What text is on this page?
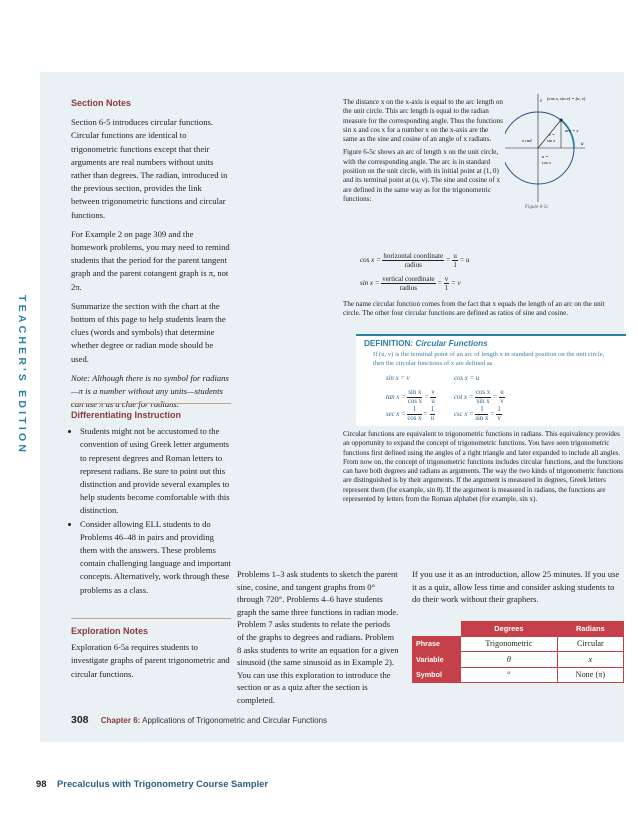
TEACHER'S EDITION
Section Notes

Section 6-5 introduces circular functions. Circular functions are identical to trigonometric functions except that their arguments are real numbers without units rather than degrees. The radian, introduced in the previous section, provides the link between trigonometric functions and circular functions.

For Example 2 on page 309 and the homework problems, you may need to remind students that the period for the parent tangent graph and the parent cotangent graph is π, not 2π.

Summarize the section with the chart at the bottom of this page to help students learn the clues (words and symbols) that determine whether degree or radian mode should be used.

Note: Although there is no symbol for radians—π is a number without any units—students can use π as a clue for radians.

Differentiating Instruction
• Students might not be accustomed to the convention of using Greek letter arguments to represent degrees and Roman letters to represent radians. Be sure to point out this distinction and provide several examples to help students become comfortable with this distinction.
• Consider allowing ELL students to do Problems 46–48 in pairs and providing them with the answers. These problems contain challenging language and important concepts. Alternatively, work through these problems as a class.
Exploration Notes

Exploration 6-5a requires students to investigate graphs of parent trigonometric and circular functions.

The distance x on the x-axis is equal to the arc length on the unit circle. This arc length is equal to the radian measure for the corresponding angle. Thus the functions sin x and cos x for a number x on the x-axis are the same as the sine and cosine of an angle of x radians.

Figure 6-5c shows an arc of length x on the unit circle, with the corresponding angle. The arc is in standard position on the unit circle, with its initial point at (1, 0) and its terminal point at (u, v). The sine and cosine of x are defined in the same way as for the trigonometric functions:

v
u
(cos x, sin x) = (u, v)
arc = x
x rad
v =
sin x
u =
cos x
Figure 6-5c
$\cos x = \frac{\text{horizontal coordinate}}{\text{radius}} = \frac{u}{1} = u$
$\sin x = \frac{\text{vertical coordinate}}{\text{radius}} = \frac{v}{1} = v$
The name circular function comes from the fact that x equals the length of an arc on the unit circle. The other four circular functions are defined as ratios of sine and cosine.
DEFINITION: Circular Functions
If (u, v) is the terminal point of an arc of length x in standard position on the unit circle, then the circular functions of x are defined as
sin x = v	cos x = u
$\tan x = \frac{\text{sin x}}{\text{cos x}} = \frac{v}{u}$	$\cot x = \frac{\text{cos x}}{\text{sin x}} = \frac{u}{v}$
$\sec x = \frac{1}{\text{cos x}} = \frac{1}{u}$	$\csc x = \frac{1}{\text{sin x}} = \frac{1}{v}$
Circular functions are equivalent to trigonometric functions in radians. This equivalency provides an opportunity to expand the concept of trigonometric functions. You have seen trigonometric functions first defined using the angles of a right triangle and later expanded to include all angles. From now on, the concept of trigonometric functions includes circular functions, and the functions can have both degrees and radians as arguments. The way the two kinds of trigonometric functions are distinguished is by their arguments. If the argument is measured in degrees, Greek letters represent them (for example, sin θ). If the argument is measured in radians, the functions are represented by letters from the Roman alphabet (for example, sin x).
Problems 1–3 ask students to sketch the parent sine, cosine, and tangent graphs from 0° through 720°. Problems 4–6 have students graph the same three functions in radian mode. Problem 7 asks students to relate the periods of the graphs to degrees and radians. Problem 8 asks students to write an equation for a given sinusoid (the same sinusoid as in Example 2). You can use this exploration to introduce the section or as a quiz after the section is completed.
If you use it as an introduction, allow 25 minutes. If you use it as a quiz, allow less time and consider asking students to do their work without their graphers.
	Degrees	Radians
Phrase	Trigonometric	Circular
Variable	θ	x
Symbol	°	None (π)
308 Chapter 6: Applications of Trigonometric and Circular Functions
98 Precalculus with Trigonometry Course Sampler
